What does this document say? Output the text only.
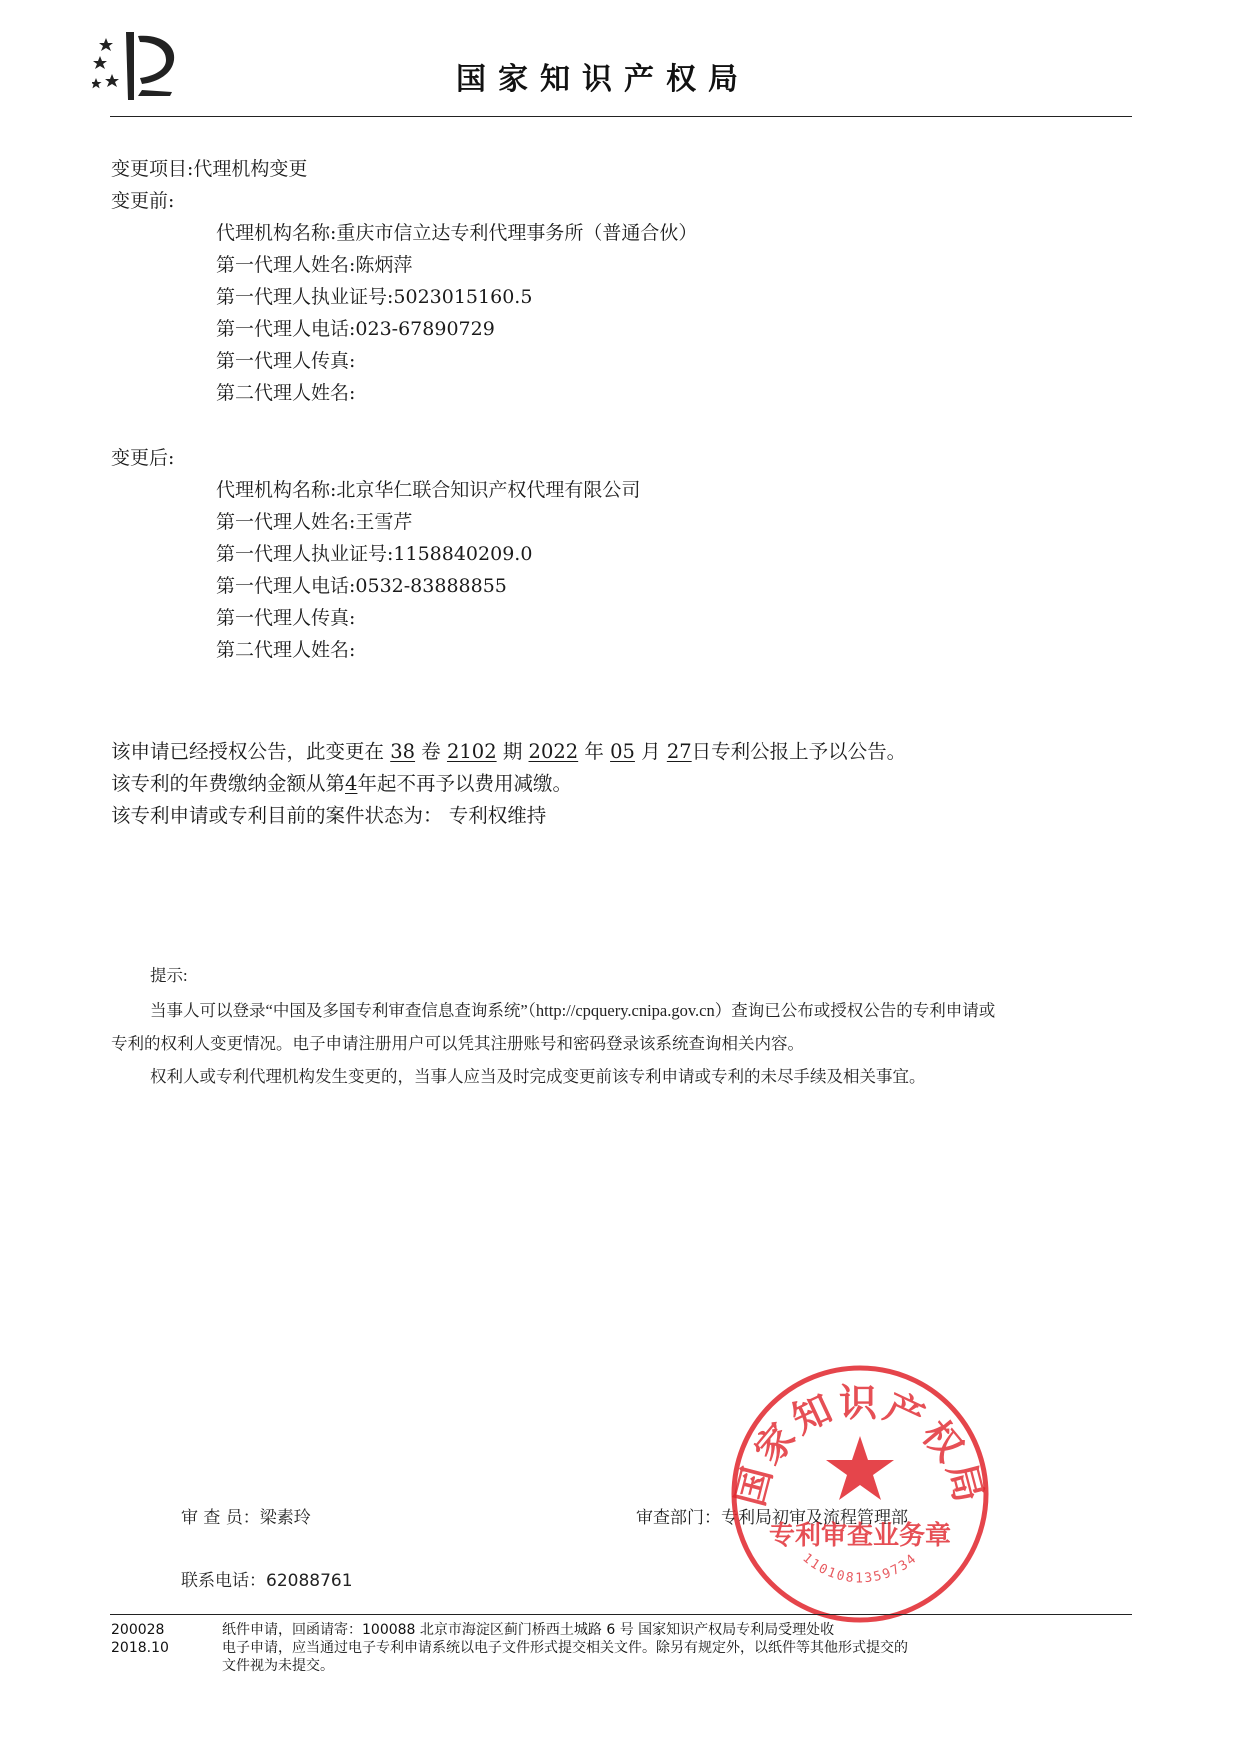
国家知识产权局
变更项目:代理机构变更
变更前:
代理机构名称:重庆市信立达专利代理事务所（普通合伙）
第一代理人姓名:陈炳萍
第一代理人执业证号:5023015160.5
第一代理人电话:023-67890729
第一代理人传真:
第二代理人姓名:
变更后:
代理机构名称:北京华仁联合知识产权代理有限公司
第一代理人姓名:王雪芹
第一代理人执业证号:1158840209.0
第一代理人电话:0532-83888855
第一代理人传真:
第二代理人姓名:
该申请已经授权公告，此变更在 38 卷 2102 期 2022 年 05 月 27日专利公报上予以公告。
该专利的年费缴纳金额从第4年起不再予以费用减缴。
该专利申请或专利目前的案件状态为： 专利权维持
提示:
当事人可以登录“中国及多国专利审查信息查询系统”（http://cpquery.cnipa.gov.cn）查询已公布或授权公告的专利申请或
专利的权利人变更情况。电子申请注册用户可以凭其注册账号和密码登录该系统查询相关内容。
权利人或专利代理机构发生变更的，当事人应当及时完成变更前该专利申请或专利的未尽手续及相关事宜。
审 查 员：梁素玲
联系电话：62088761
审查部门：专利局初审及流程管理部
国家知识产权局
专利审查业务章
1101081359734
200028
2018.10
纸件申请，回函请寄：100088 北京市海淀区蓟门桥西土城路 6 号 国家知识产权局专利局受理处收
电子申请，应当通过电子专利申请系统以电子文件形式提交相关文件。除另有规定外，以纸件等其他形式提交的
文件视为未提交。
